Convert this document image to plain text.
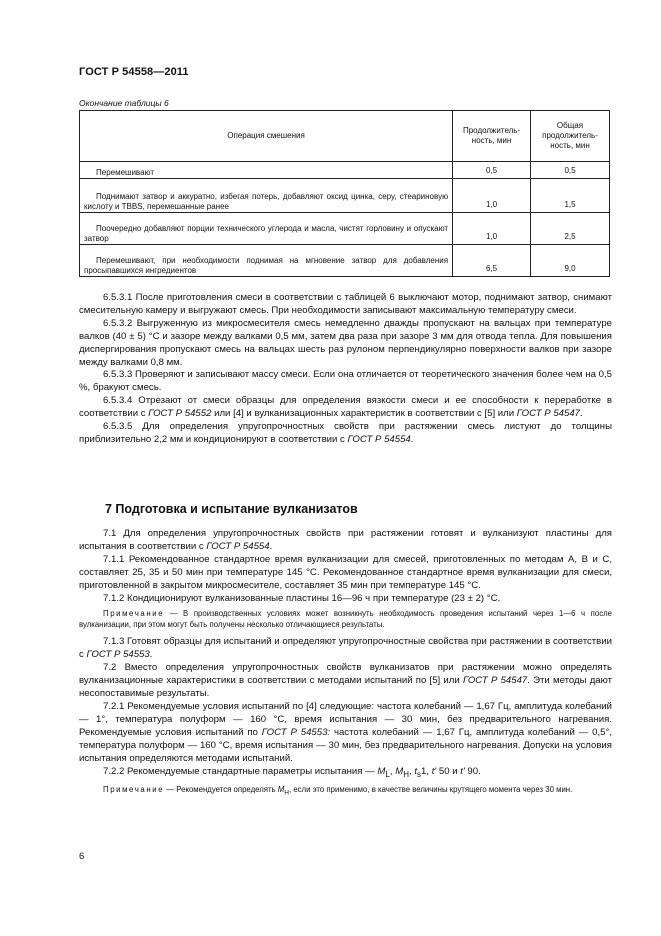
ГОСТ Р 54558—2011
Окончание таблицы 6
Операция смешения	Продолжитель- ность, мин	Общая продолжитель- ность, мин
Перемешивают	0,5	0,5
Поднимают затвор и аккуратно, избегая потерь, добавляют оксид цинка, серу, стеариновую кислоту и TBBS, перемешанные ранее	1,0	1,5
Поочередно добавляют порции технического углерода и масла, чистят горловину и опускают затвор	1,0	2,5
Перемешивают, при необходимости поднимая на мгновение затвор для добавления просыпавшихся ингредиентов	6,5	9,0

6.5.3.1 После приготовления смеси в соответствии с таблицей 6 выключают мотор, поднимают затвор, снимают смесительную камеру и выгружают смесь. При необходимости записывают максимальную температуру смеси.

6.5.3.2 Выгруженную из микросмесителя смесь немедленно дважды пропускают на вальцах при температуре валков (40 ± 5) °С и зазоре между валками 0,5 мм, затем два раза при зазоре 3 мм для отвода тепла. Для повышения диспергирования пропускают смесь на вальцах шесть раз рулоном перпендикулярно поверхности валков при зазоре между валками 0,8 мм.

6.5.3.3 Проверяют и записывают массу смеси. Если она отличается от теоретического значения более чем на 0,5 %, бракуют смесь.

6.5.3.4 Отрезают от смеси образцы для определения вязкости смеси и ее способности к переработке в соответствии с ГОСТ Р 54552 или [4] и вулканизационных характеристик в соответствии с [5] или ГОСТ Р 54547.

6.5.3.5 Для определения упругопрочностных свойств при растяжении смесь листуют до толщины приблизительно 2,2 мм и кондиционируют в соответствии с ГОСТ Р 54554.

7 Подготовка и испытание вулканизатов

7.1 Для определения упругопрочностных свойств при растяжении готовят и вулканизуют пластины для испытания в соответствии с ГОСТ Р 54554.

7.1.1 Рекомендованное стандартное время вулканизации для смесей, приготовленных по методам А, В и С, составляет 25, 35 и 50 мин при температуре 145 °С. Рекомендованное стандартное время вулканизации для смеси, приготовленной в закрытом микросмесителе, составляет 35 мин при температуре 145 °С.

7.1.2 Кондиционируют вулканизованные пластины 16—96 ч при температуре (23 ± 2) °С.

Примечание — В производственных условиях может возникнуть необходимость проведения испытаний через 1—6 ч после вулканизации, при этом могут быть получены несколько отличающиеся результаты.

7.1.3 Готовят образцы для испытаний и определяют упругопрочностные свойства при растяжении в соответствии с ГОСТ Р 54553.

7.2 Вместо определения упругопрочностных свойств вулканизатов при растяжении можно определять вулканизационные характеристики в соответствии с методами испытаний по [5] или ГОСТ Р 54547. Эти методы дают несопоставимые результаты.

7.2.1 Рекомендуемые условия испытаний по [4] следующие: частота колебаний — 1,67 Гц, амплитуда колебаний — 1°, температура полуформ — 160 °С, время испытания — 30 мин, без предварительного нагревания. Рекомендуемые условия испытаний по ГОСТ Р 54553: частота колебаний — 1,67 Гц, амплитуда колебаний — 0,5°, температура полуформ — 160 °С, время испытания — 30 мин, без предварительного нагревания. Допуски на условия испытания определяются методами испытаний.

7.2.2 Рекомендуемые стандартные параметры испытания — $M_L$, $M_H$, $t_s1$, t' 50 и t' 90.

Примечание — Рекомендуется определять $M_H$, если это применимо, в качестве величины крутящего момента через 30 мин.

6
